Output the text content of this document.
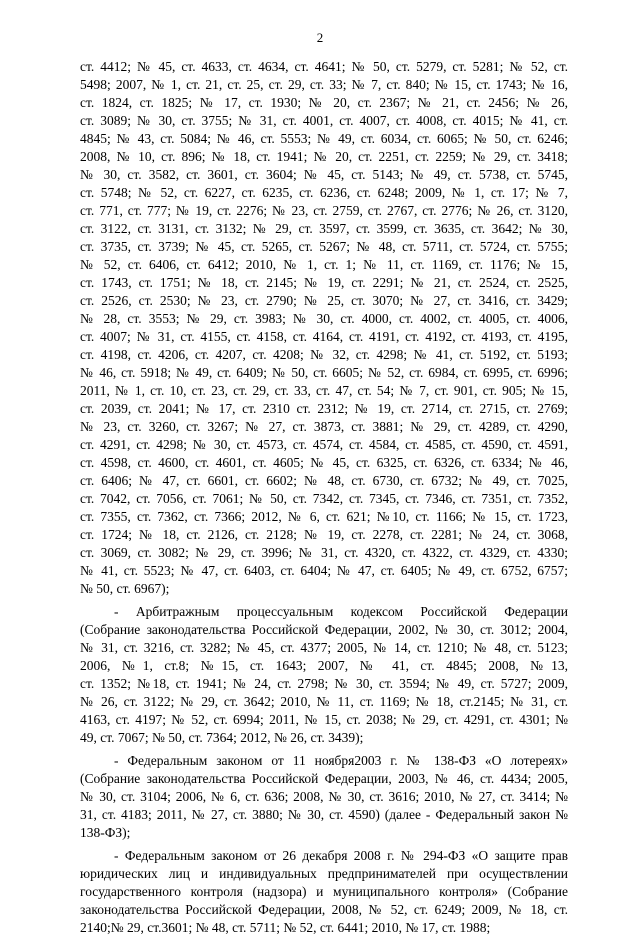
2
ст. 4412; № 45, ст. 4633, ст. 4634, ст. 4641; № 50, ст. 5279, ст. 5281; № 52, ст.
5498; 2007, № 1, ст. 21, ст. 25, ст. 29, ст. 33; № 7, ст. 840; № 15, ст. 1743; № 16,
ст. 1824, ст. 1825; № 17, ст. 1930; № 20, ст. 2367; № 21, ст. 2456; № 26,
ст. 3089; № 30, ст. 3755; № 31, ст. 4001, ст. 4007, ст. 4008, ст. 4015; № 41, ст.
4845; № 43, ст. 5084; № 46, ст. 5553; № 49, ст. 6034, ст. 6065; № 50, ст. 6246;
2008, № 10, ст. 896; № 18, ст. 1941; № 20, ст. 2251, ст. 2259; № 29, ст. 3418;
№ 30, ст. 3582, ст. 3601, ст. 3604; № 45, ст. 5143; № 49, ст. 5738, ст. 5745,
ст. 5748; № 52, ст. 6227, ст. 6235, ст. 6236, ст. 6248; 2009, № 1, ст. 17; № 7,
ст. 771, ст. 777; № 19, ст. 2276; № 23, ст. 2759, ст. 2767, ст. 2776; № 26, ст. 3120,
ст. 3122, ст. 3131, ст. 3132; № 29, ст. 3597, ст. 3599, ст. 3635, ст. 3642; № 30,
ст. 3735, ст. 3739; № 45, ст. 5265, ст. 5267; № 48, ст. 5711, ст. 5724, ст. 5755;
№ 52, ст. 6406, ст. 6412; 2010, № 1, ст. 1; № 11, ст. 1169, ст. 1176; № 15,
ст. 1743, ст. 1751; № 18, ст. 2145; № 19, ст. 2291; № 21, ст. 2524, ст. 2525,
ст. 2526, ст. 2530; № 23, ст. 2790; № 25, ст. 3070; № 27, ст. 3416, ст. 3429;
№ 28, ст. 3553; № 29, ст. 3983; № 30, ст. 4000, ст. 4002, ст. 4005, ст. 4006,
ст. 4007; № 31, ст. 4155, ст. 4158, ст. 4164, ст. 4191, ст. 4192, ст. 4193, ст. 4195,
ст. 4198, ст. 4206, ст. 4207, ст. 4208; № 32, ст. 4298; № 41, ст. 5192, ст. 5193;
№ 46, ст. 5918; № 49, ст. 6409; № 50, ст. 6605; № 52, ст. 6984, ст. 6995, ст. 6996;
2011, № 1, ст. 10, ст. 23, ст. 29, ст. 33, ст. 47, ст. 54; № 7, ст. 901, ст. 905; № 15,
ст. 2039, ст. 2041; № 17, ст. 2310 ст. 2312; № 19, ст. 2714, ст. 2715, ст. 2769;
№ 23, ст. 3260, ст. 3267; № 27, ст. 3873, ст. 3881; № 29, ст. 4289, ст. 4290,
ст. 4291, ст. 4298; № 30, ст. 4573, ст. 4574, ст. 4584, ст. 4585, ст. 4590, ст. 4591,
ст. 4598, ст. 4600, ст. 4601, ст. 4605; № 45, ст. 6325, ст. 6326, ст. 6334; № 46,
ст. 6406; № 47, ст. 6601, ст. 6602; № 48, ст. 6730, ст. 6732; № 49, ст. 7025,
ст. 7042, ст. 7056, ст. 7061; № 50, ст. 7342, ст. 7345, ст. 7346, ст. 7351, ст. 7352,
ст. 7355, ст. 7362, ст. 7366; 2012, № 6, ст. 621; №10, ст. 1166; № 15, ст. 1723,
ст. 1724; № 18, ст. 2126, ст. 2128; № 19, ст. 2278, ст. 2281; № 24, ст. 3068,
ст. 3069, ст. 3082; № 29, ст. 3996; № 31, ст. 4320, ст. 4322, ст. 4329, ст. 4330;
№ 41, ст. 5523; № 47, ст. 6403, ст. 6404; № 47, ст. 6405; № 49, ст. 6752, 6757;
№ 50, ст. 6967);
- Арбитражным процессуальным кодексом Российской Федерации
(Собрание законодательства Российской Федерации, 2002, № 30, ст. 3012; 2004,
№ 31, ст. 3216, ст. 3282; № 45, ст. 4377; 2005, № 14, ст. 1210; № 48, ст. 5123;
2006, №1, ст.8; №15, ст. 1643; 2007, № 41, ст. 4845; 2008, №13,
ст. 1352; №18, ст. 1941; № 24, ст. 2798; № 30, ст. 3594; № 49, ст. 5727; 2009,
№ 26, ст. 3122; № 29, ст. 3642; 2010, № 11, ст. 1169; № 18, ст.2145; № 31, ст.
4163, ст. 4197; № 52, ст. 6994; 2011, № 15, ст. 2038; № 29, ст. 4291, ст. 4301; №
49, ст. 7067; № 50, ст. 7364; 2012, № 26, ст. 3439);
- Федеральным законом от 11 ноября2003 г. № 138-ФЗ «О лотереях»
(Собрание законодательства Российской Федерации, 2003, № 46, ст. 4434; 2005,
№ 30, ст. 3104; 2006, № 6, ст. 636; 2008, № 30, ст. 3616; 2010, № 27, ст. 3414; №
31, ст. 4183; 2011, № 27, ст. 3880; № 30, ст. 4590) (далее - Федеральный закон №
138-ФЗ);
- Федеральным законом от 26 декабря 2008 г. № 294-ФЗ «О защите прав
юридических лиц и индивидуальных предпринимателей при осуществлении
государственного контроля (надзора) и муниципального контроля» (Собрание
законодательства Российской Федерации, 2008, № 52, ст. 6249; 2009, № 18, ст.
2140;№ 29, ст.3601; № 48, ст. 5711; № 52, ст. 6441; 2010, № 17, ст. 1988;
